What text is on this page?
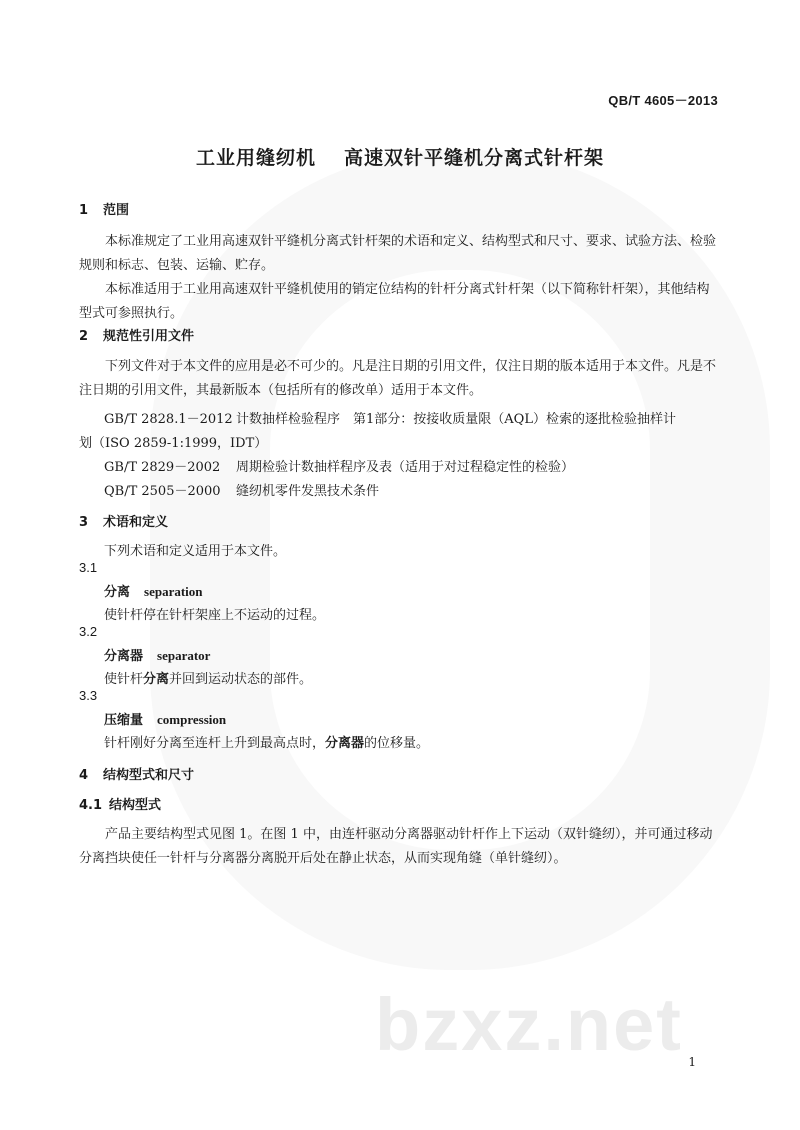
QB/T 4605－2013
工业用缝纫机 高速双针平缝机分离式针杆架
1 范围
本标准规定了工业用高速双针平缝机分离式针杆架的术语和定义、结构型式和尺寸、要求、试验方法、检验规则和标志、包装、运输、贮存。
本标准适用于工业用高速双针平缝机使用的销定位结构的针杆分离式针杆架（以下简称针杆架），其他结构型式可参照执行。
2 规范性引用文件
下列文件对于本文件的应用是必不可少的。凡是注日期的引用文件，仅注日期的版本适用于本文件。凡是不注日期的引用文件，其最新版本（包括所有的修改单）适用于本文件。
GB/T 2828.1－2012 计数抽样检验程序　第1部分：按接收质量限（AQL）检索的逐批检验抽样计
划（ISO 2859-1:1999，IDT）
GB/T 2829－2002 周期检验计数抽样程序及表（适用于对过程稳定性的检验）
QB/T 2505－2000 缝纫机零件发黑技术条件
3 术语和定义
下列术语和定义适用于本文件。
3.1
分离 separation
使针杆停在针杆架座上不运动的过程。
3.2
分离器 separator
使针杆分离并回到运动状态的部件。
3.3
压缩量 compression
针杆刚好分离至连杆上升到最高点时，分离器的位移量。
4 结构型式和尺寸
4.1 结构型式
产品主要结构型式见图 1。在图 1 中，由连杆驱动分离器驱动针杆作上下运动（双针缝纫），并可通过移动分离挡块使任一针杆与分离器分离脱开后处在静止状态，从而实现角缝（单针缝纫）。
bzxz.net 1
